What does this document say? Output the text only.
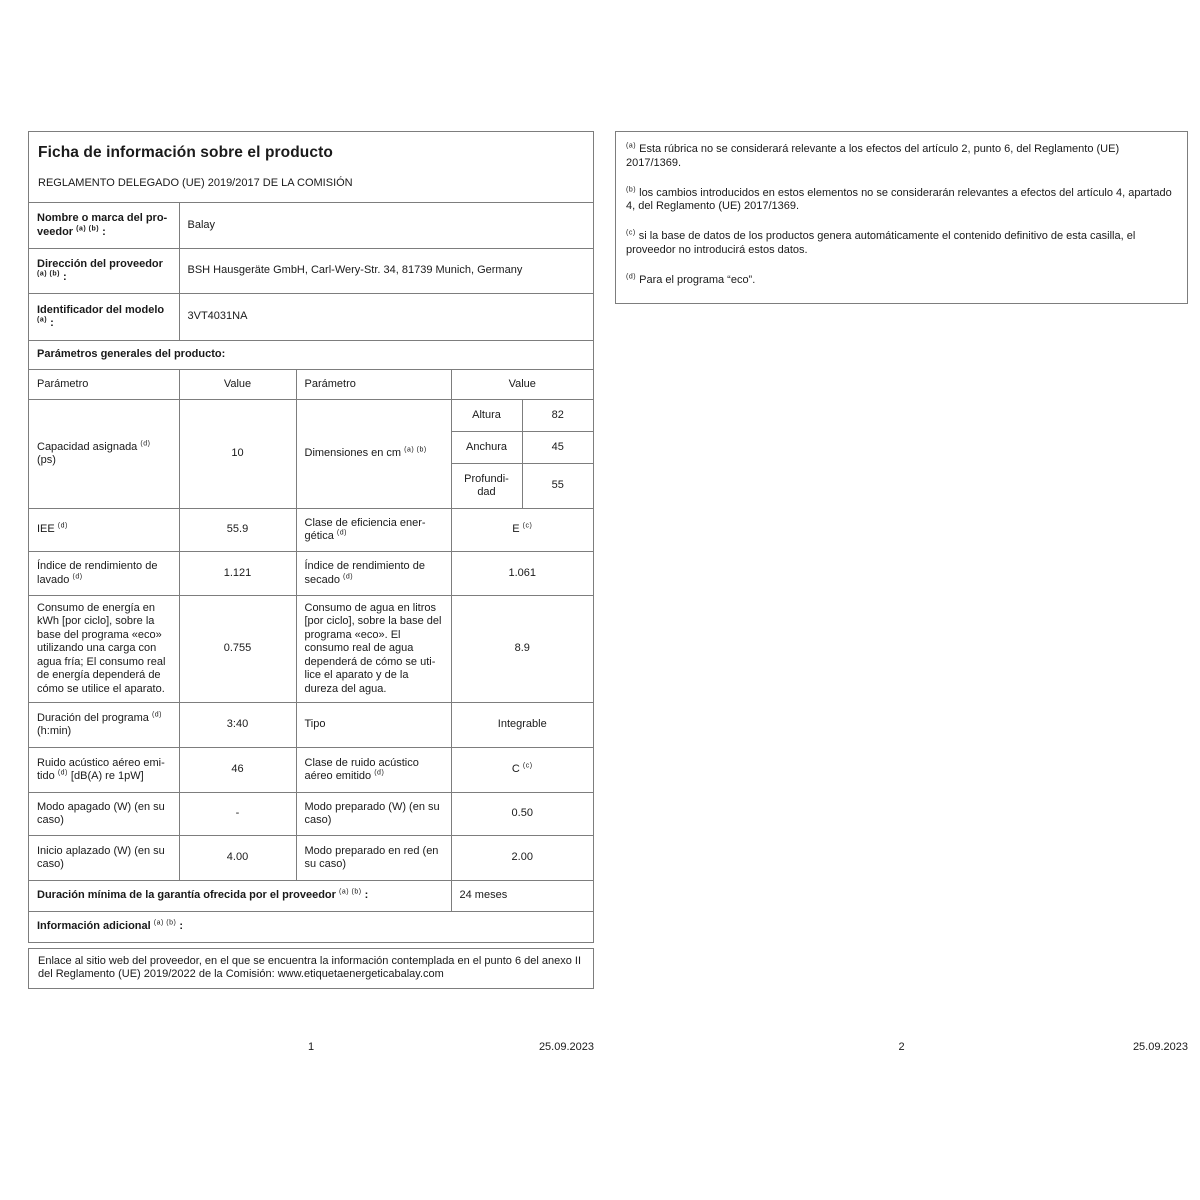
Ficha de información sobre el producto
REGLAMENTO DELEGADO (UE) 2019/2017 DE LA COMISIÓN
Nombre o marca del pro-veedor $^{(a) (b)}$ :	Balay			
Dirección del proveedor $^{(a) (b)}$ :	BSH Hausgeräte GmbH, Carl-Wery-Str. 34, 81739 Munich, Germany			
Identificador del modelo $^{(a)}$ :	3VT4031NA			
Parámetros generales del producto:				
Parámetro	Value	Parámetro	Value	
Capacidad asignada $^{(d)}$
(ps)	10	Dimensiones en cm $^{(a) (b)}$	Altura	82
			Anchura	45
			Profundi-dad	55
IEE $^{(d)}$	55.9	Clase de eficiencia ener-gética $^{(d)}$	E $^{(c)}$
Índice de rendimiento de lavado $^{(d)}$	1.121	Índice de rendimiento de secado $^{(d)}$	1.061	
Consumo de energía en kWh [por ciclo], sobre la base del programa «eco» utilizando una carga con agua fría; El consumo real de energía dependerá de cómo se utilice el aparato.	0.755	Consumo de agua en litros [por ciclo], sobre la base del programa «eco». El consumo real de agua dependerá de cómo se uti-lice el aparato y de la dureza del agua.	8.9	
Duración del programa $^{(d)}$
(h:min)	3:40	Tipo	Integrable	
Ruido acústico aéreo emi-tido $^{(d)}$ [dB(A) re 1pW]	46	Clase de ruido acústico aéreo emitido $^{(d)}$	C $^{(c)}$
Modo apagado (W) (en su caso)	-	Modo preparado (W) (en su caso)	0.50	
Inicio aplazado (W) (en su caso)	4.00	Modo preparado en red (en su caso)	2.00	
Duración mínima de la garantía ofrecida por el proveedor $^{(a) (b)}$ :			24 meses	
Información adicional $^{(a) (b)}$ :				
Enlace al sitio web del proveedor, en el que se encuentra la información contemplada en el punto 6 del anexo II del Reglamento (UE) 2019/2022 de la Comisión: www.etiquetaenergeticabalay.com

$^{(a)}$ Esta rúbrica no se considerará relevante a los efectos del artículo 2, punto 6, del Reglamento (UE) 2017/1369.

$^{(b)}$ los cambios introducidos en estos elementos no se considerarán relevantes a efectos del artículo 4, apartado 4, del Reglamento (UE) 2017/1369.

$^{(c)}$ si la base de datos de los productos genera automáticamente el contenido definitivo de esta casilla, el proveedor no introducirá estos datos.

$^{(d)}$ Para el programa “eco”.

1	25.09.2023	2	25.09.2023
